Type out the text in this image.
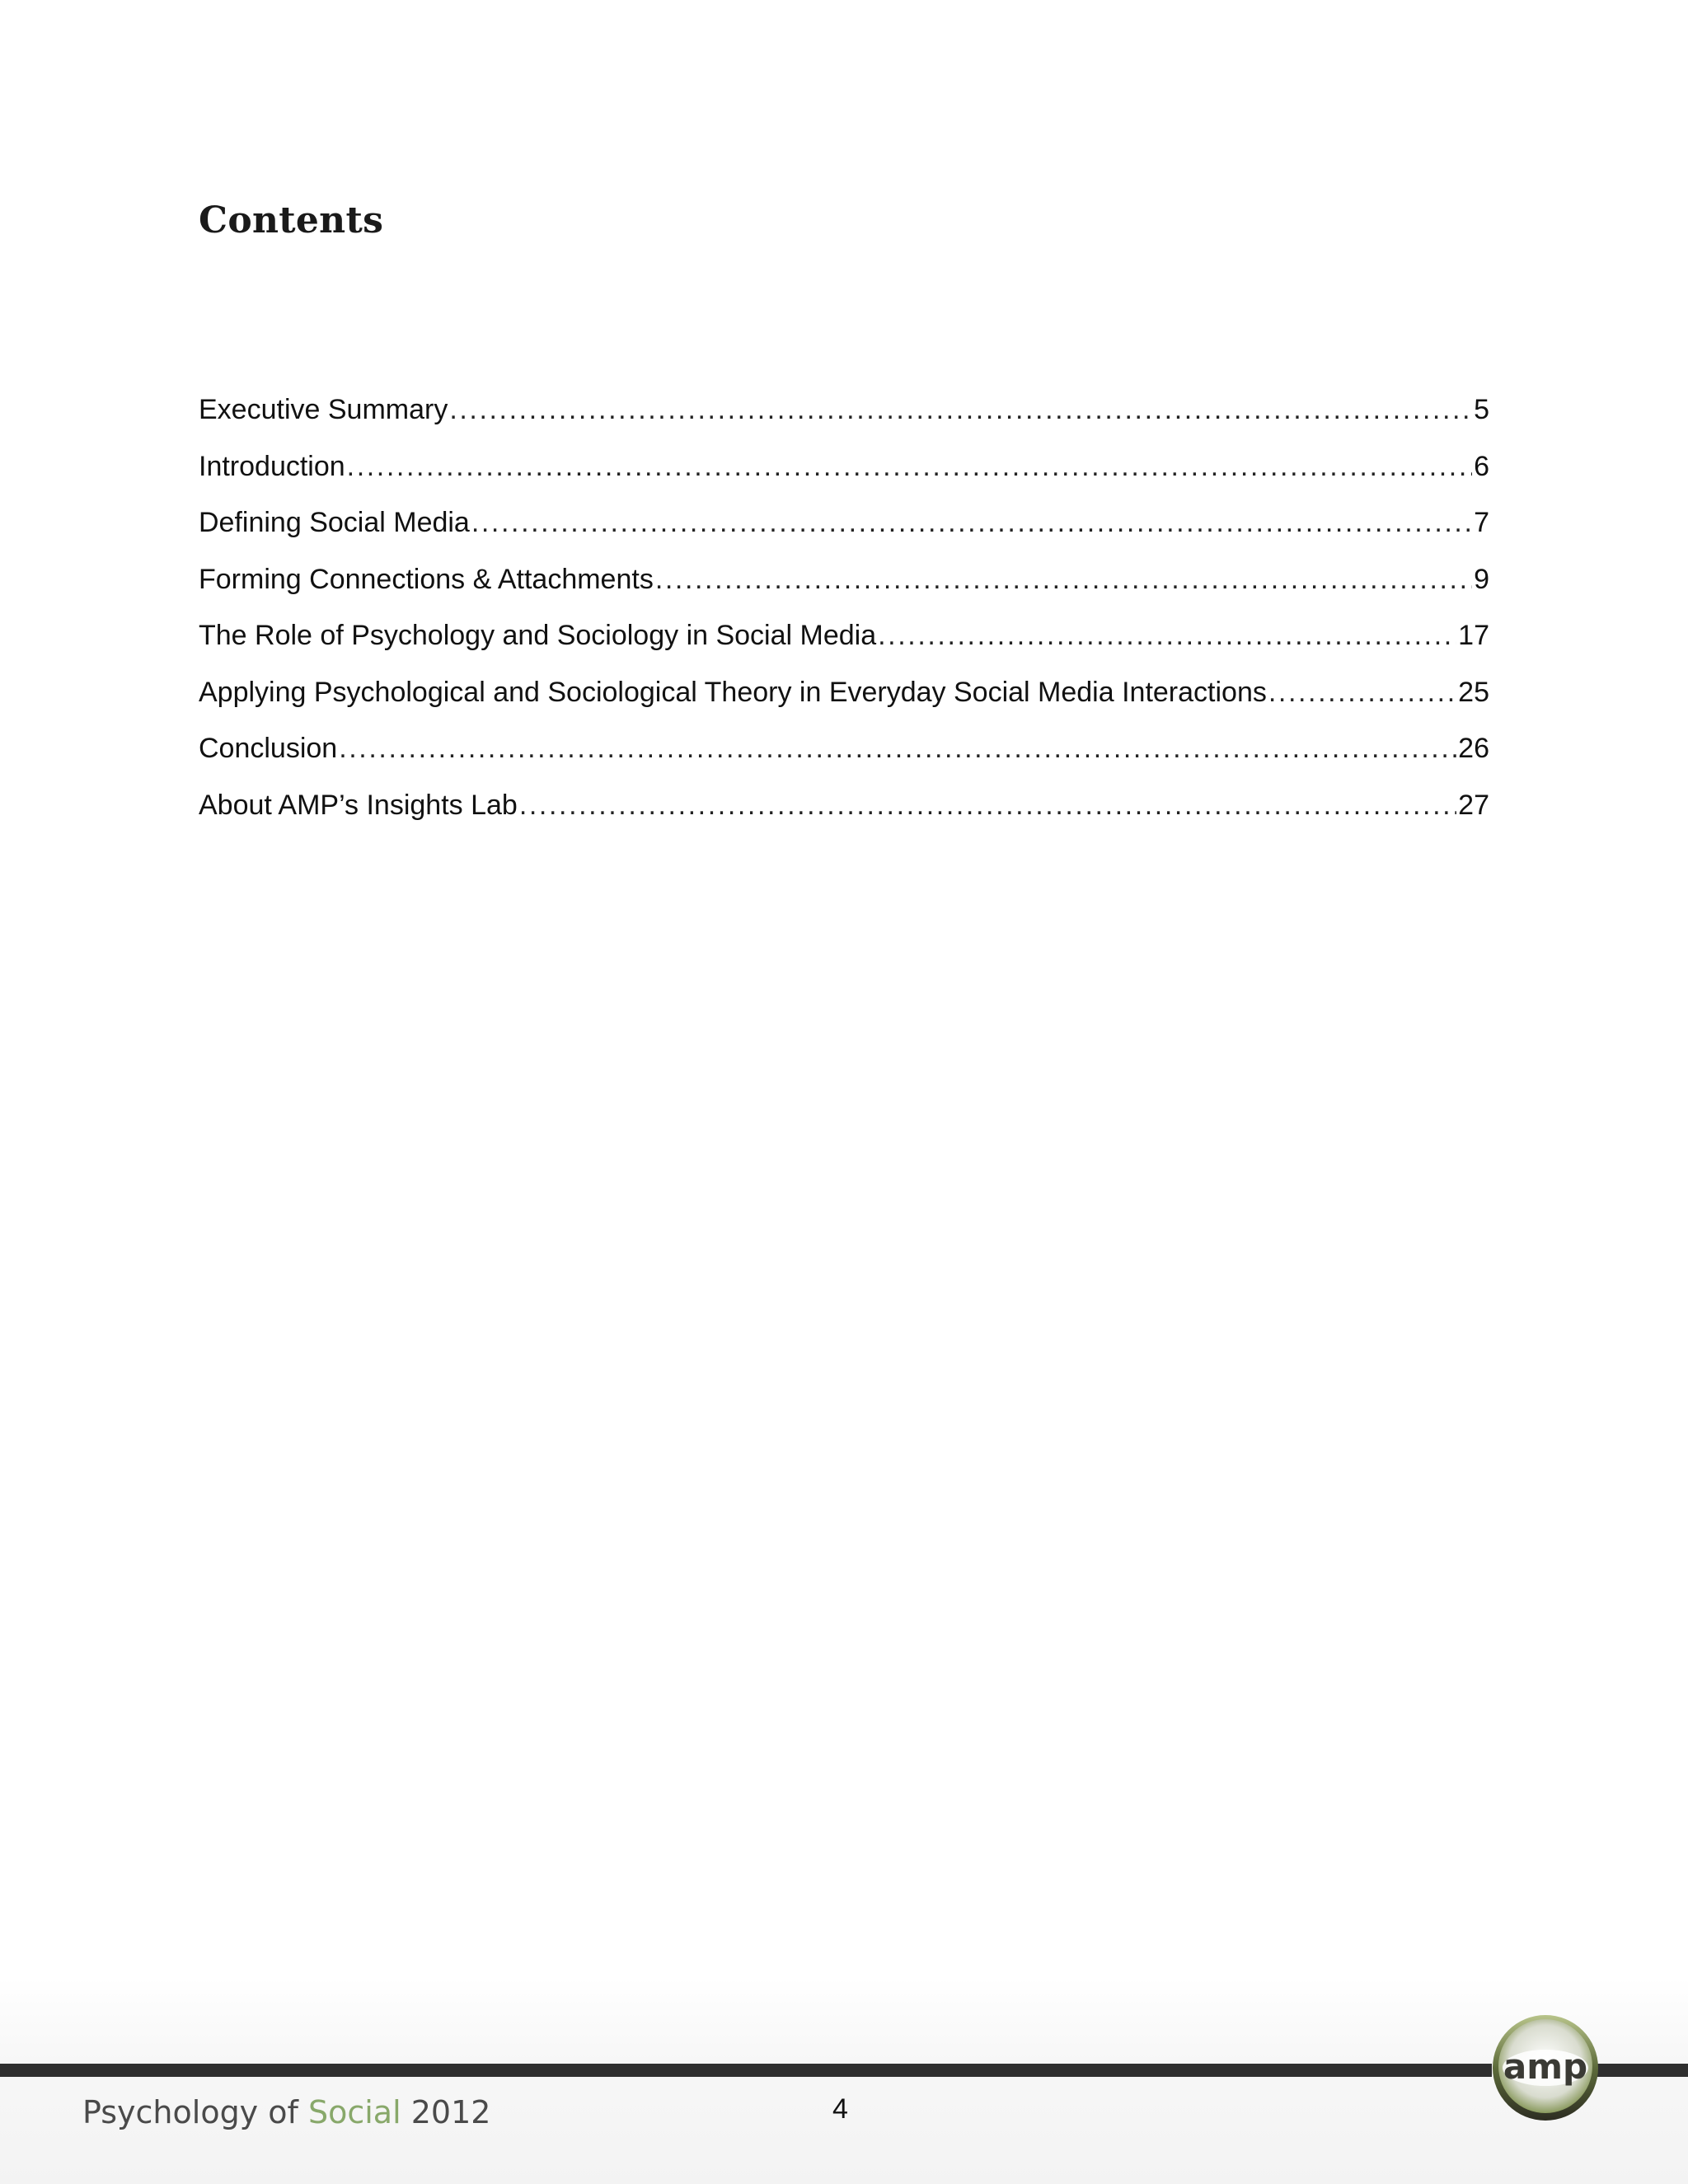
Contents
Executive Summary .....	5
Introduction .....	6
Defining Social Media .....	7
Forming Connections & Attachments .....	9
The Role of Psychology and Sociology in Social Media .....	17
Applying Psychological and Sociological Theory in Everyday Social Media Interactions .....	25
Conclusion .....	26
About AMP’s Insights Lab .....	27
Psychology of Social 2012	4
amp
